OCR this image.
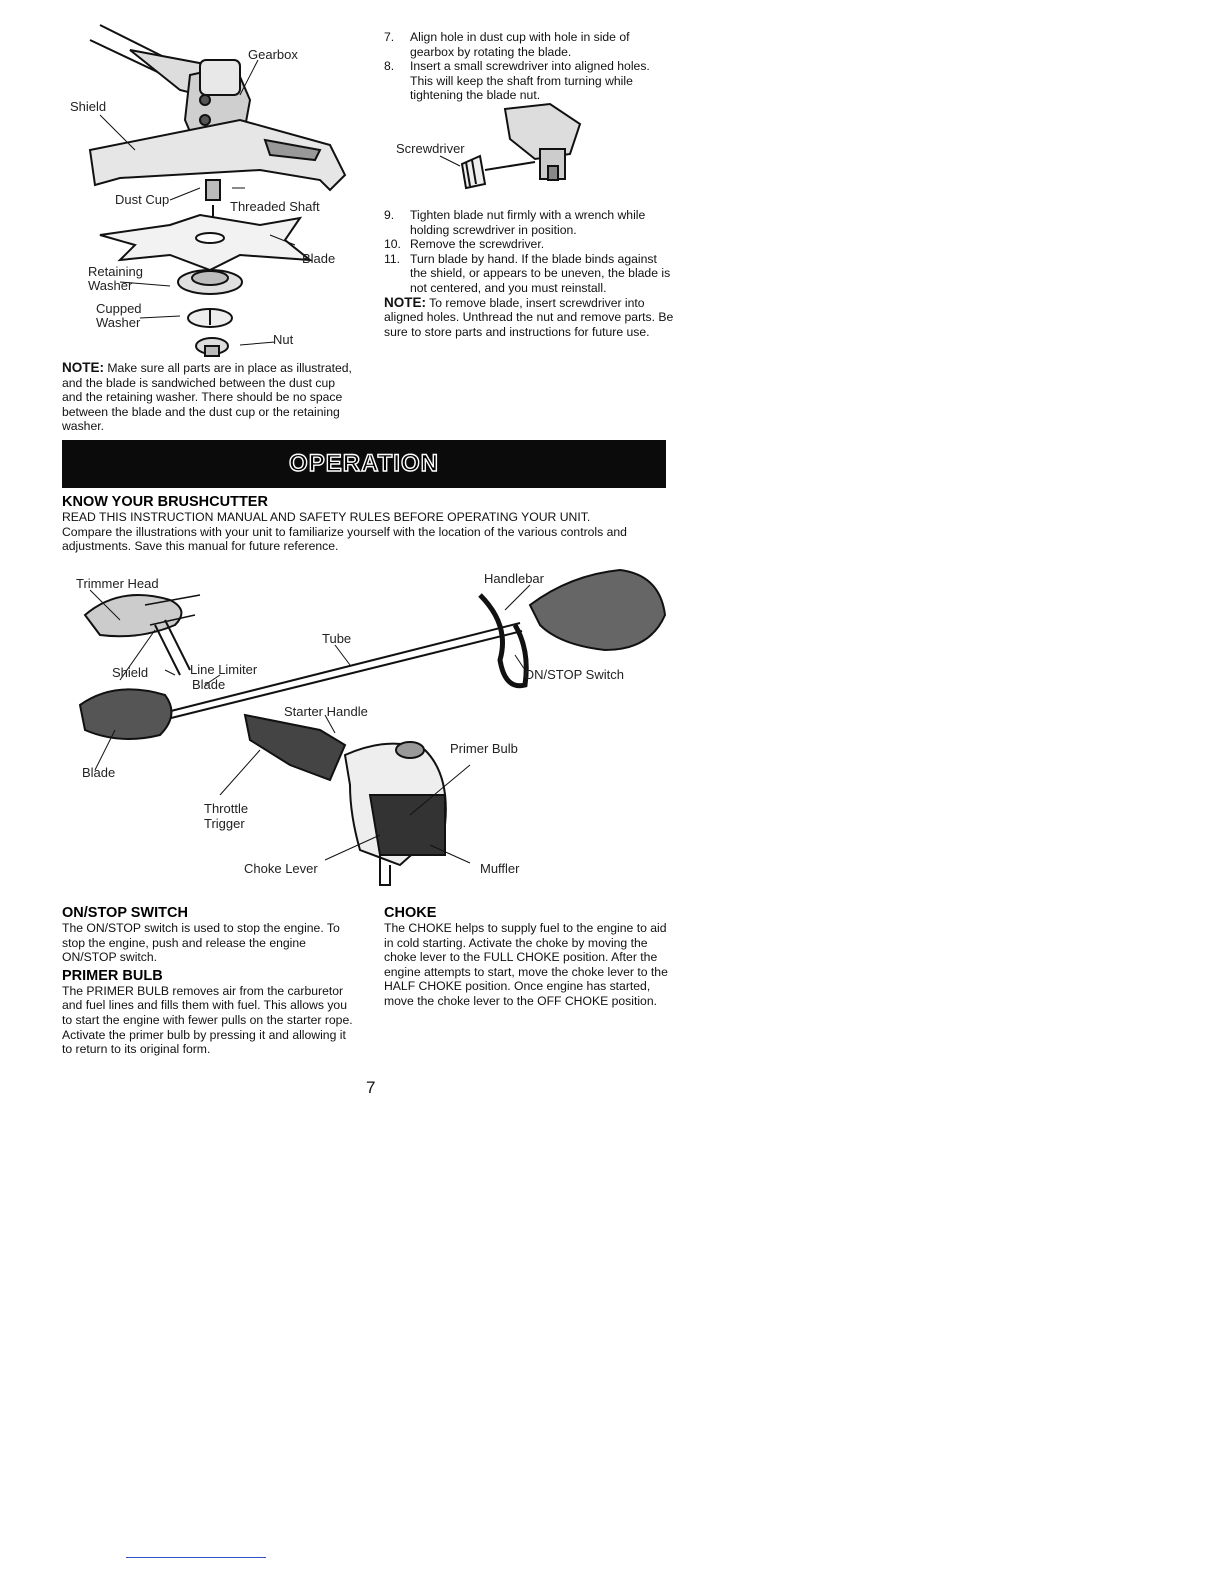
Gearbox
Shield
Dust Cup	Threaded Shaft
Blade
Retaining
Washer
Cupped
Washer
Nut
NOTE: Make sure all parts are in place as illustrated, and the blade is sandwiched between the dust cup and the retaining washer. There should be no space between the blade and the dust cup or the retaining washer.
7.	Align hole in dust cup with hole in side of gearbox by rotating the blade.
8.	Insert a small screwdriver into aligned holes. This will keep the shaft from turning while tightening the blade nut.
Screwdriver
9.	Tighten blade nut firmly with a wrench while holding screwdriver in position.
10. Remove the screwdriver.
11. Turn blade by hand. If the blade binds against the shield, or appears to be uneven, the blade is not centered, and you must reinstall.
NOTE: To remove blade, insert screwdriver into aligned holes. Unthread the nut and remove parts. Be sure to store parts and instructions for future use.
OPERATION
KNOW YOUR BRUSHCUTTER
READ THIS INSTRUCTION MANUAL AND SAFETY RULES BEFORE OPERATING YOUR UNIT.
Compare the illustrations with your unit to familiarize yourself with the location of the various controls and adjustments. Save this manual for future reference.
Trimmer Head	Handlebar
Tube
Shield	Line Limiter
Blade
ON/STOP Switch
Starter Handle
Primer Bulb
Blade
Throttle
Trigger
Choke Lever	Muffler
ON/STOP SWITCH
The ON/STOP switch is used to stop the engine. To stop the engine, push and release the engine ON/STOP switch.
PRIMER BULB
The PRIMER BULB removes air from the carburetor and fuel lines and fills them with fuel. This allows you to start the engine with fewer pulls on the starter rope. Activate the primer bulb by pressing it and allowing it to return to its original form.
CHOKE
The CHOKE helps to supply fuel to the engine to aid in cold starting. Activate the choke by moving the choke lever to the FULL CHOKE position. After the engine attempts to start, move the choke lever to the HALF CHOKE position. Once engine has started, move the choke lever to the OFF CHOKE position.
7
